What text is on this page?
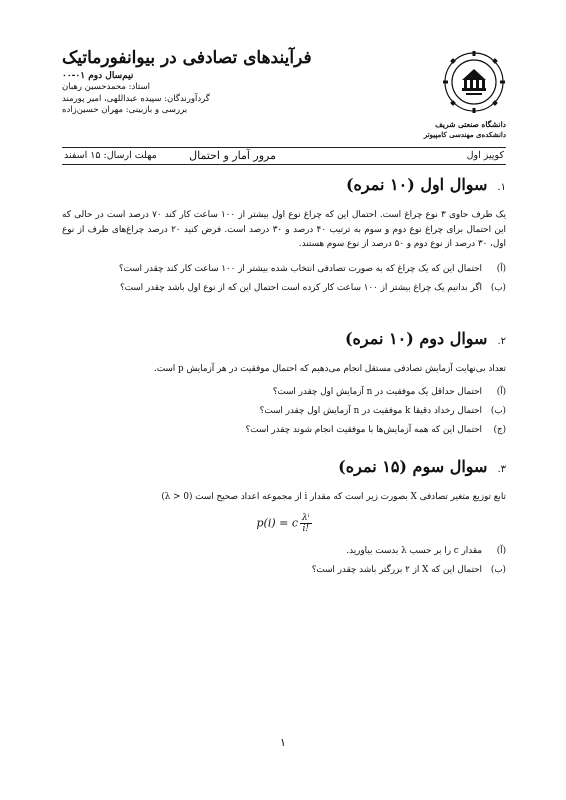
دانشگاه صنعتی شریف
دانشکده‌ی مهندسی کامپیوتر
فرآیندهای تصادفی در بیوانفورماتیک
نیم‌سال دوم ۰۱-۰۰
استاد: محمدحسین رهبان
گردآورندگان: سپیده عبداللهی، امیر پورمند
بررسی و بازبینی: مهران حسین‌زاده
کوییز اول
مرور آمار و احتمال
مهلت ارسال: ۱۵ اسفند
۱.سوال اول (۱۰ نمره)

یک ظرف حاوی ۳ نوع چراغ است. احتمال این که چراغ نوع اول بیشتر از ۱۰۰ ساعت کار کند ۷۰ درصد است در حالی که این احتمال برای چراغ نوع دوم و سوم به ترتیب ۴۰ درصد و ۳۰ درصد است. فرض کنید ۲۰ درصد چراغ‌های ظرف از نوع اول، ۳۰ درصد از نوع دوم و ۵۰ درصد از نوع سوم هستند.

(آ)
احتمال این که یک چراغ که به صورت تصادفی انتخاب شده بیشتر از ۱۰۰ ساعت کار کند چقدر است؟
(ب)
اگر بدانیم یک چراغ بیشتر از ۱۰۰ ساعت کار کرده است احتمال این که از نوع اول باشد چقدر است؟
۲.سوال دوم (۱۰ نمره)

تعداد بی‌نهایت آزمایش تصادفی مستقل انجام می‌دهیم که احتمال موفقیت در هر آزمایش p است.

(آ)
احتمال حداقل یک موفقیت در n آزمایش اول چقدر است؟
(ب)
احتمال رخداد دقیقا k موفقیت در n آزمایش اول چقدر است؟
(ج)
احتمال این که همه آزمایش‌ها با موفقیت انجام شوند چقدر است؟
۳.سوال سوم (۱۵ نمره)

تابع توزیع متغیر تصادفی X بصورت زیر است که مقدار i از مجموعه اعداد صحیح است (λ > 0)

p(i) = c $\frac{\text{λⁱ}}{i!}$
(آ)
مقدار c را بر حسب λ بدست بیاورید.
(ب)
احتمال این که X از ۲ بزرگتر باشد چقدر است؟
۱
